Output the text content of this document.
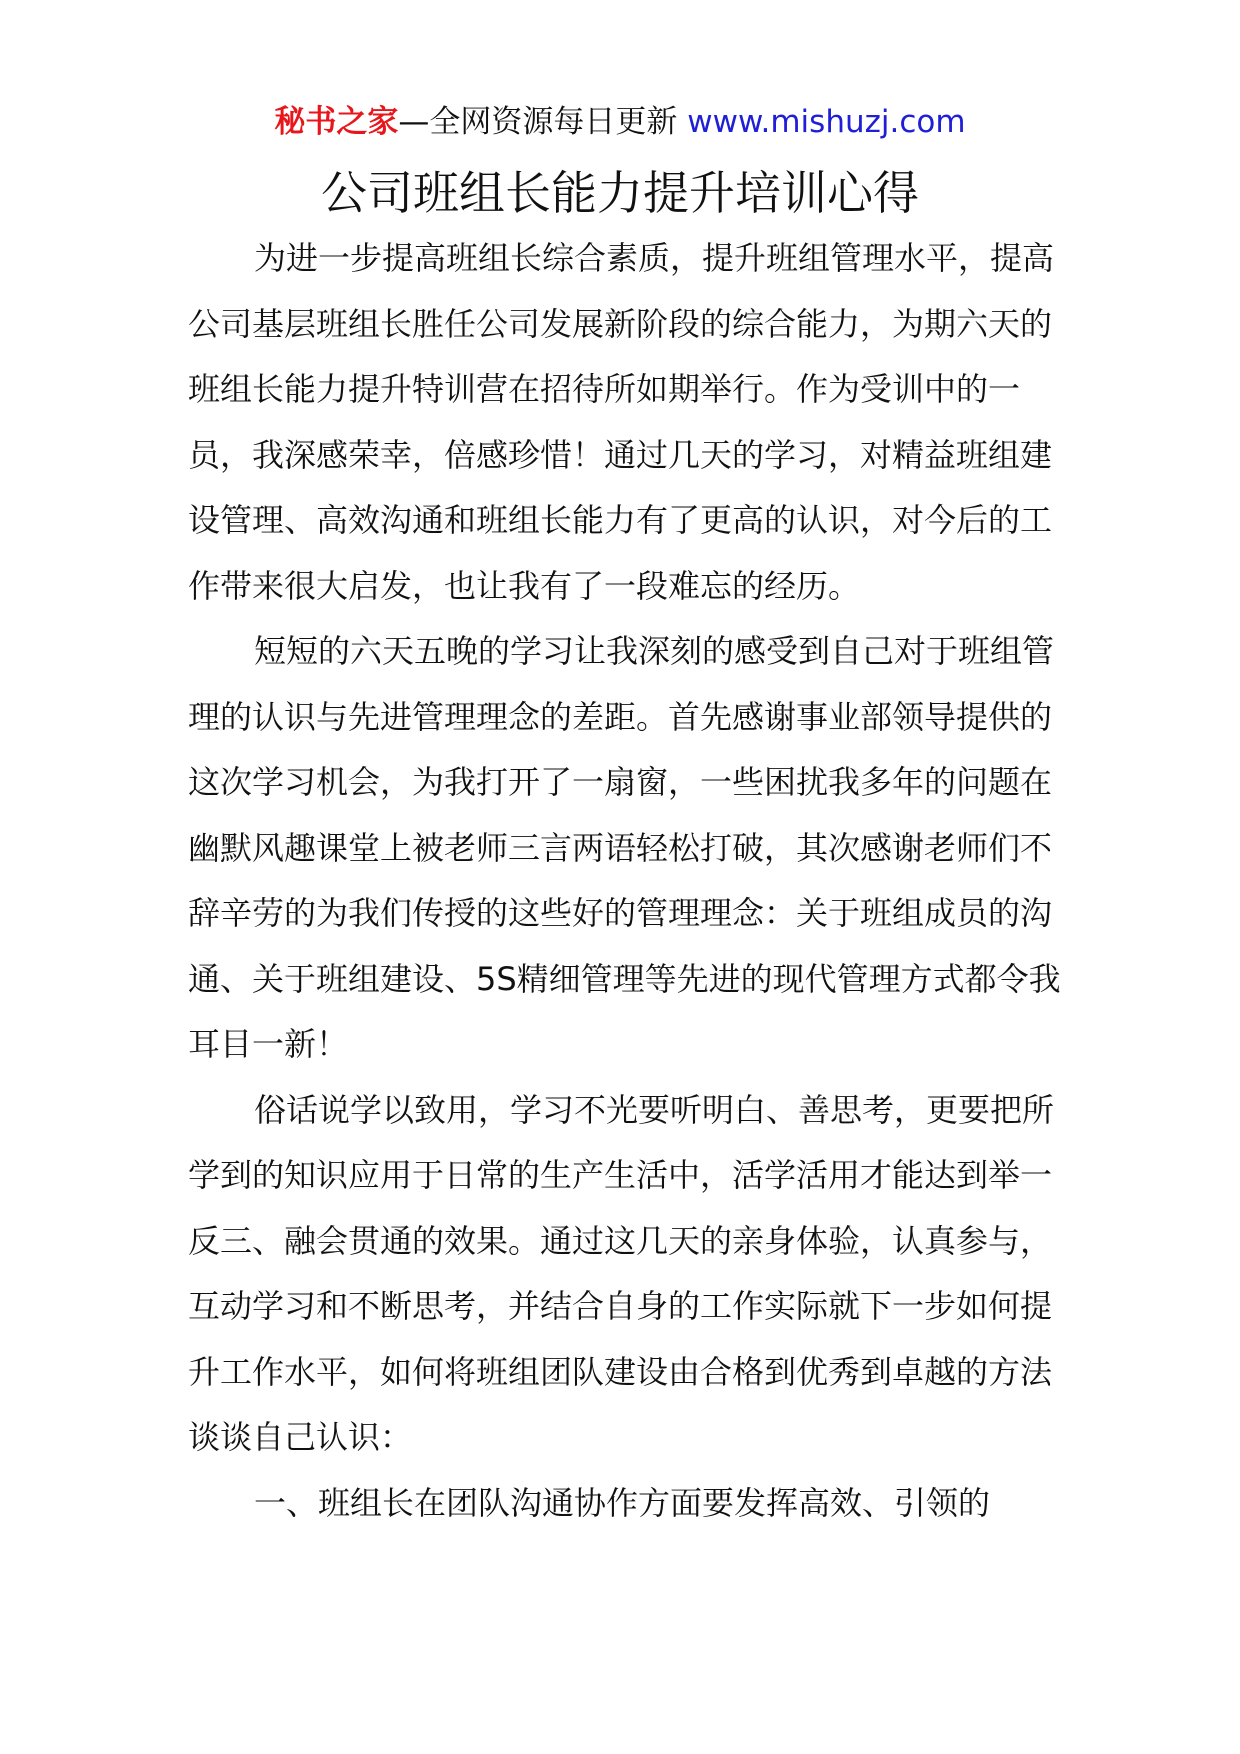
秘书之家—全网资源每日更新 www.mishuzj.com
公司班组长能力提升培训心得

为进一步提高班组长综合素质，提升班组管理水平，提高公司基层班组长胜任公司发展新阶段的综合能力，为期六天的班组长能力提升特训营在招待所如期举行。作为受训中的一员，我深感荣幸，倍感珍惜！通过几天的学习，对精益班组建设管理、高效沟通和班组长能力有了更高的认识，对今后的工作带来很大启发，也让我有了一段难忘的经历。

短短的六天五晚的学习让我深刻的感受到自己对于班组管理的认识与先进管理理念的差距。首先感谢事业部领导提供的这次学习机会，为我打开了一扇窗，一些困扰我多年的问题在幽默风趣课堂上被老师三言两语轻松打破，其次感谢老师们不辞辛劳的为我们传授的这些好的管理理念：关于班组成员的沟通、关于班组建设、5S精细管理等先进的现代管理方式都令我耳目一新！

俗话说学以致用，学习不光要听明白、善思考，更要把所学到的知识应用于日常的生产生活中，活学活用才能达到举一反三、融会贯通的效果。通过这几天的亲身体验，认真参与，互动学习和不断思考，并结合自身的工作实际就下一步如何提升工作水平，如何将班组团队建设由合格到优秀到卓越的方法谈谈自己认识：

一、班组长在团队沟通协作方面要发挥高效、引领的
